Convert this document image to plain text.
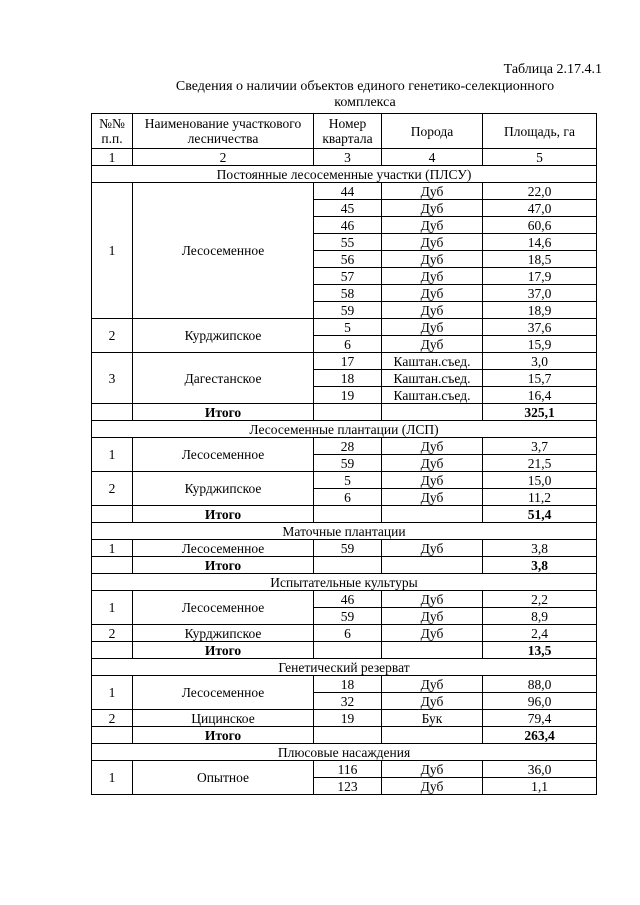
Таблица 2.17.4.1
Сведения о наличии объектов единого генетико-селекционного комплекса
№№ п.п.	Наименование участкового лесничества	Номер квартала	Порода	Площадь, га
1	2	3	4	5
Постоянные лесосеменные участки (ПЛСУ)				
1	Лесосеменное	44	Дуб	22,0
		45	Дуб	47,0
		46	Дуб	60,6
		55	Дуб	14,6
		56	Дуб	18,5
		57	Дуб	17,9
		58	Дуб	37,0
		59	Дуб	18,9
2	Курджипское	5	Дуб	37,6
		6	Дуб	15,9
3	Дагестанское	17	Каштан.съед.	3,0
		18	Каштан.съед.	15,7
		19	Каштан.съед.	16,4
	Итого			325,1
Лесосеменные плантации (ЛСП)				
1	Лесосеменное	28	Дуб	3,7
		59	Дуб	21,5
2	Курджипское	5	Дуб	15,0
		6	Дуб	11,2
	Итого			51,4
Маточные плантации				
1	Лесосеменное	59	Дуб	3,8
	Итого			3,8
Испытательные культуры				
1	Лесосеменное	46	Дуб	2,2
		59	Дуб	8,9
2	Курджипское	6	Дуб	2,4
	Итого			13,5
Генетический резерват				
1	Лесосеменное	18	Дуб	88,0
		32	Дуб	96,0
2	Цицинское	19	Бук	79,4
	Итого			263,4
Плюсовые насаждения				
1	Опытное	116	Дуб	36,0
		123	Дуб	1,1
